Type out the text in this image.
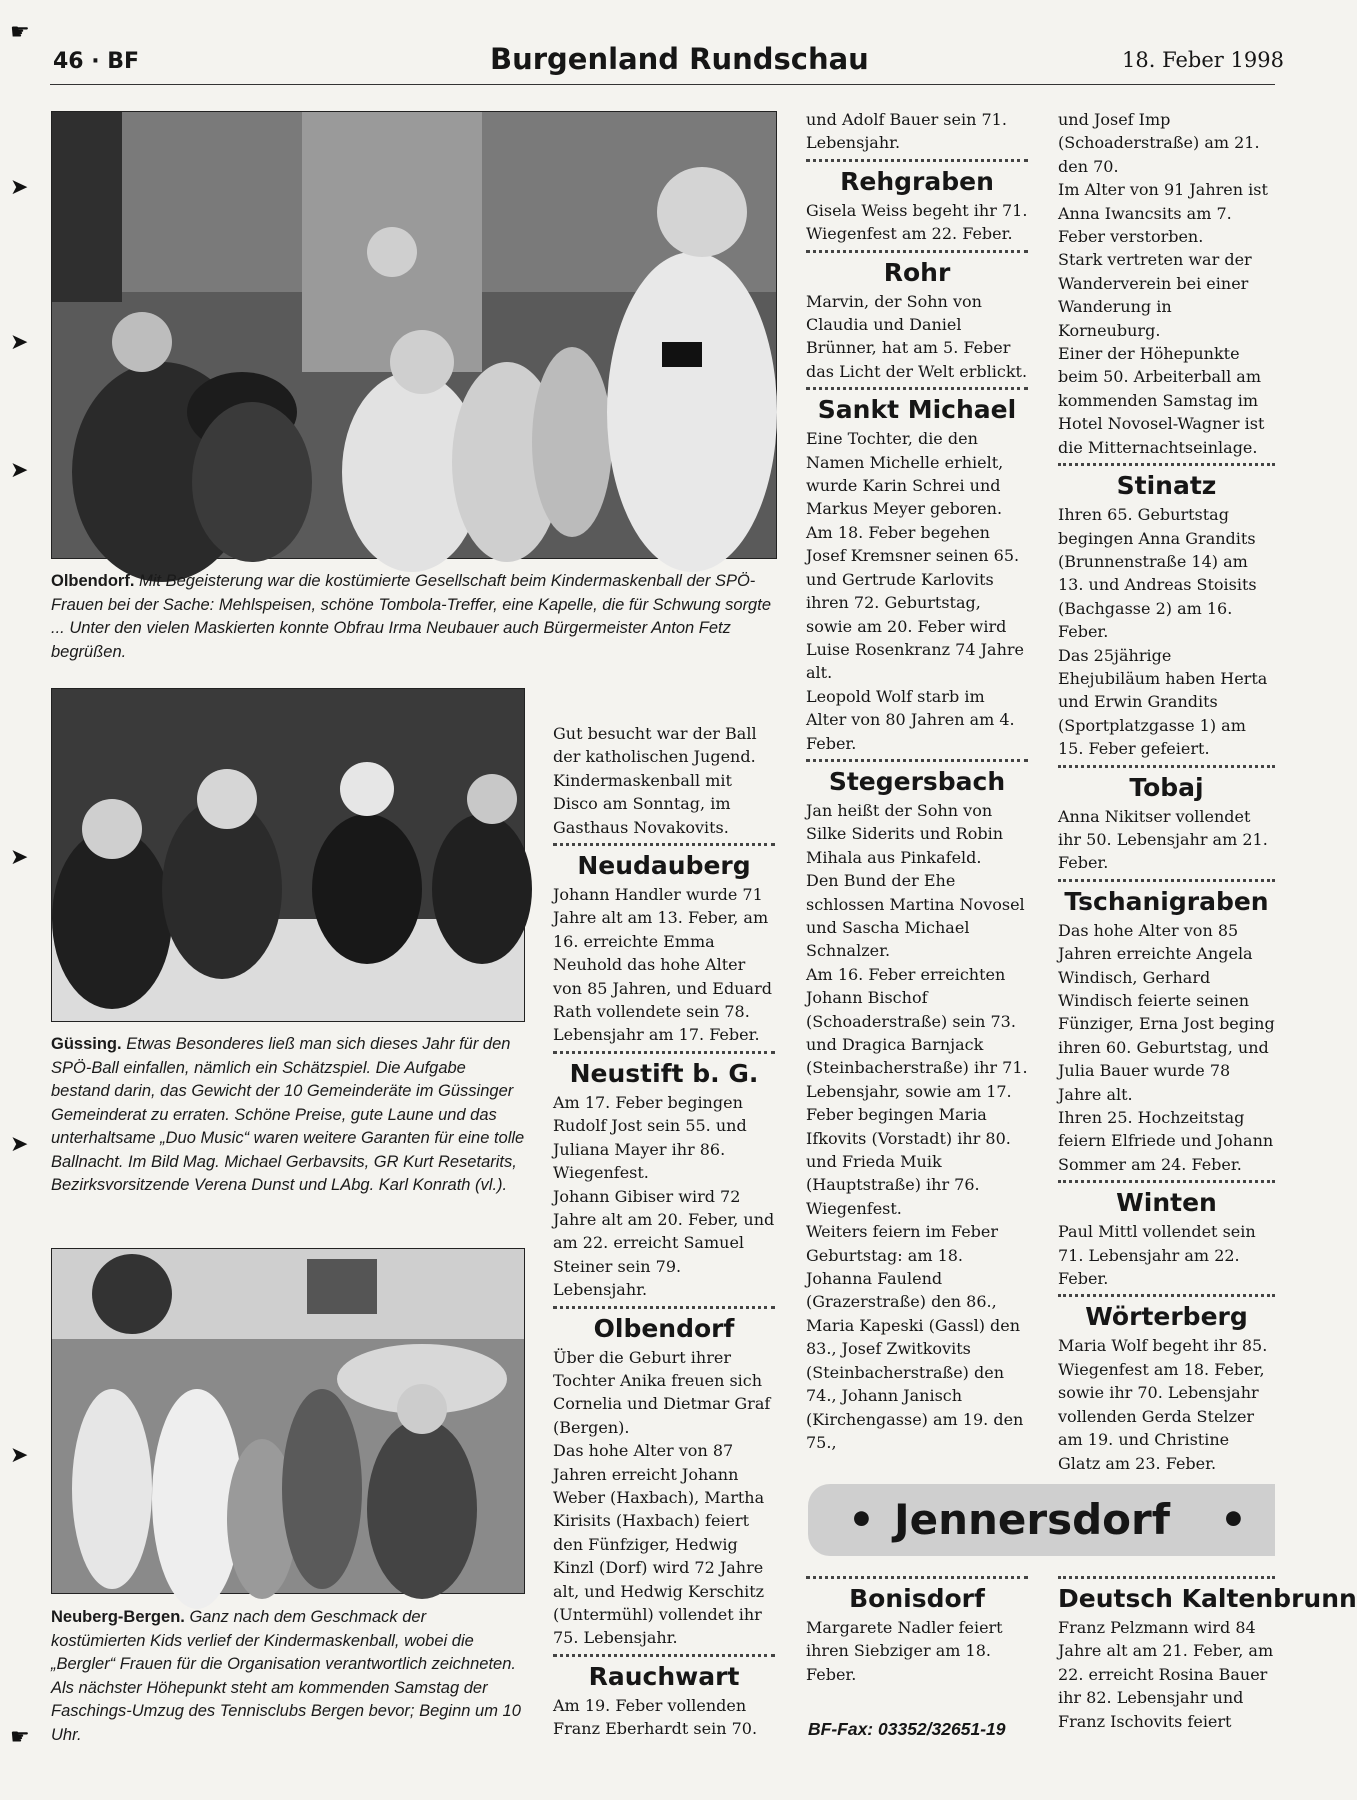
46 · BF	Burgenland Rundschau	18. Feber 1998
☛
➤
➤
➤
➤
➤
➤
☛
Olbendorf. Mit Begeisterung war die kostümierte Gesellschaft beim Kindermaskenball der SPÖ-Frauen bei der Sache: Mehlspeisen, schöne Tombola-Treffer, eine Kapelle, die für Schwung sorgte ... Unter den vielen Maskierten konnte Obfrau Irma Neubauer auch Bürgermeister Anton Fetz begrüßen.
Güssing. Etwas Besonderes ließ man sich dieses Jahr für den SPÖ-Ball einfallen, nämlich ein Schätzspiel. Die Aufgabe bestand darin, das Gewicht der 10 Gemeinderäte im Güssinger Gemeinderat zu erraten. Schöne Preise, gute Laune und das unterhaltsame „Duo Music“ waren weitere Garanten für eine tolle Ballnacht. Im Bild Mag. Michael Gerbavsits, GR Kurt Resetarits, Bezirksvorsitzende Verena Dunst und LAbg. Karl Konrath (vl.).
Neuberg-Bergen. Ganz nach dem Geschmack der kostümierten Kids verlief der Kindermaskenball, wobei die „Bergler“ Frauen für die Organisation verantwortlich zeichneten. Als nächster Höhepunkt steht am kommenden Samstag der Faschings-Umzug des Tennisclubs Bergen bevor; Beginn um 10 Uhr.

Gut besucht war der Ball der katholischen Jugend. Kindermaskenball mit Disco am Sonntag, im Gasthaus Novakovits.

Neudauberg

Johann Handler wurde 71 Jahre alt am 13. Feber, am 16. erreichte Emma Neuhold das hohe Alter von 85 Jahren, und Eduard Rath vollendete sein 78. Lebensjahr am 17. Feber.

Neustift b. G.

Am 17. Feber begingen Rudolf Jost sein 55. und Juliana Mayer ihr 86. Wiegenfest.

Johann Gibiser wird 72 Jahre alt am 20. Feber, und am 22. erreicht Samuel Steiner sein 79. Lebensjahr.

Olbendorf

Über die Geburt ihrer Tochter Anika freuen sich Cornelia und Dietmar Graf (Bergen).

Das hohe Alter von 87 Jahren erreicht Johann Weber (Haxbach), Martha Kirisits (Haxbach) feiert den Fünfziger, Hedwig Kinzl (Dorf) wird 72 Jahre alt, und Hedwig Kerschitz (Untermühl) vollendet ihr 75. Lebensjahr.

Rauchwart

Am 19. Feber vollenden Franz Eberhardt sein 70.

und Adolf Bauer sein 71. Lebensjahr.

Rehgraben

Gisela Weiss begeht ihr 71. Wiegenfest am 22. Feber.

Rohr

Marvin, der Sohn von Claudia und Daniel Brünner, hat am 5. Feber das Licht der Welt erblickt.

Sankt Michael

Eine Tochter, die den Namen Michelle erhielt, wurde Karin Schrei und Markus Meyer geboren.

Am 18. Feber begehen Josef Kremsner seinen 65. und Gertrude Karlovits ihren 72. Geburtstag, sowie am 20. Feber wird Luise Rosenkranz 74 Jahre alt.

Leopold Wolf starb im Alter von 80 Jahren am 4. Feber.

Stegersbach

Jan heißt der Sohn von Silke Siderits und Robin Mihala aus Pinkafeld.

Den Bund der Ehe schlossen Martina Novosel und Sascha Michael Schnalzer.

Am 16. Feber erreichten Johann Bischof (Schoaderstraße) sein 73. und Dragica Barnjack (Steinbacherstraße) ihr 71. Lebensjahr, sowie am 17. Feber begingen Maria Ifkovits (Vorstadt) ihr 80. und Frieda Muik (Hauptstraße) ihr 76. Wiegenfest.

Weiters feiern im Feber Geburtstag: am 18. Johanna Faulend (Grazerstraße) den 86., Maria Kapeski (Gassl) den 83., Josef Zwitkovits (Steinbacherstraße) den 74., Johann Janisch (Kirchengasse) am 19. den 75.,

und Josef Imp (Schoaderstraße) am 21. den 70.

Im Alter von 91 Jahren ist Anna Iwancsits am 7. Feber verstorben.

Stark vertreten war der Wanderverein bei einer Wanderung in Korneuburg.

Einer der Höhepunkte beim 50. Arbeiterball am kommenden Samstag im Hotel Novosel-Wagner ist die Mitternachtseinlage.

Stinatz

Ihren 65. Geburtstag begingen Anna Grandits (Brunnenstraße 14) am 13. und Andreas Stoisits (Bachgasse 2) am 16. Feber.

Das 25jährige Ehejubiläum haben Herta und Erwin Grandits (Sportplatzgasse 1) am 15. Feber gefeiert.

Tobaj

Anna Nikitser vollendet ihr 50. Lebensjahr am 21. Feber.

Tschanigraben

Das hohe Alter von 85 Jahren erreichte Angela Windisch, Gerhard Windisch feierte seinen Fünziger, Erna Jost beging ihren 60. Geburtstag, und Julia Bauer wurde 78 Jahre alt.

Ihren 25. Hochzeitstag feiern Elfriede und Johann Sommer am 24. Feber.

Winten

Paul Mittl vollendet sein 71. Lebensjahr am 22. Feber.

Wörterberg

Maria Wolf begeht ihr 85. Wiegenfest am 18. Feber, sowie ihr 70. Lebensjahr vollenden Gerda Stelzer am 19. und Christine Glatz am 23. Feber.

• Jennersdorf •
Bonisdorf

Margarete Nadler feiert ihren Siebziger am 18. Feber.

Deutsch Kaltenbrunn

Franz Pelzmann wird 84 Jahre alt am 21. Feber, am 22. erreicht Rosina Bauer ihr 82. Lebensjahr und Franz Ischovits feiert

BF-Fax: 03352/32651-19
